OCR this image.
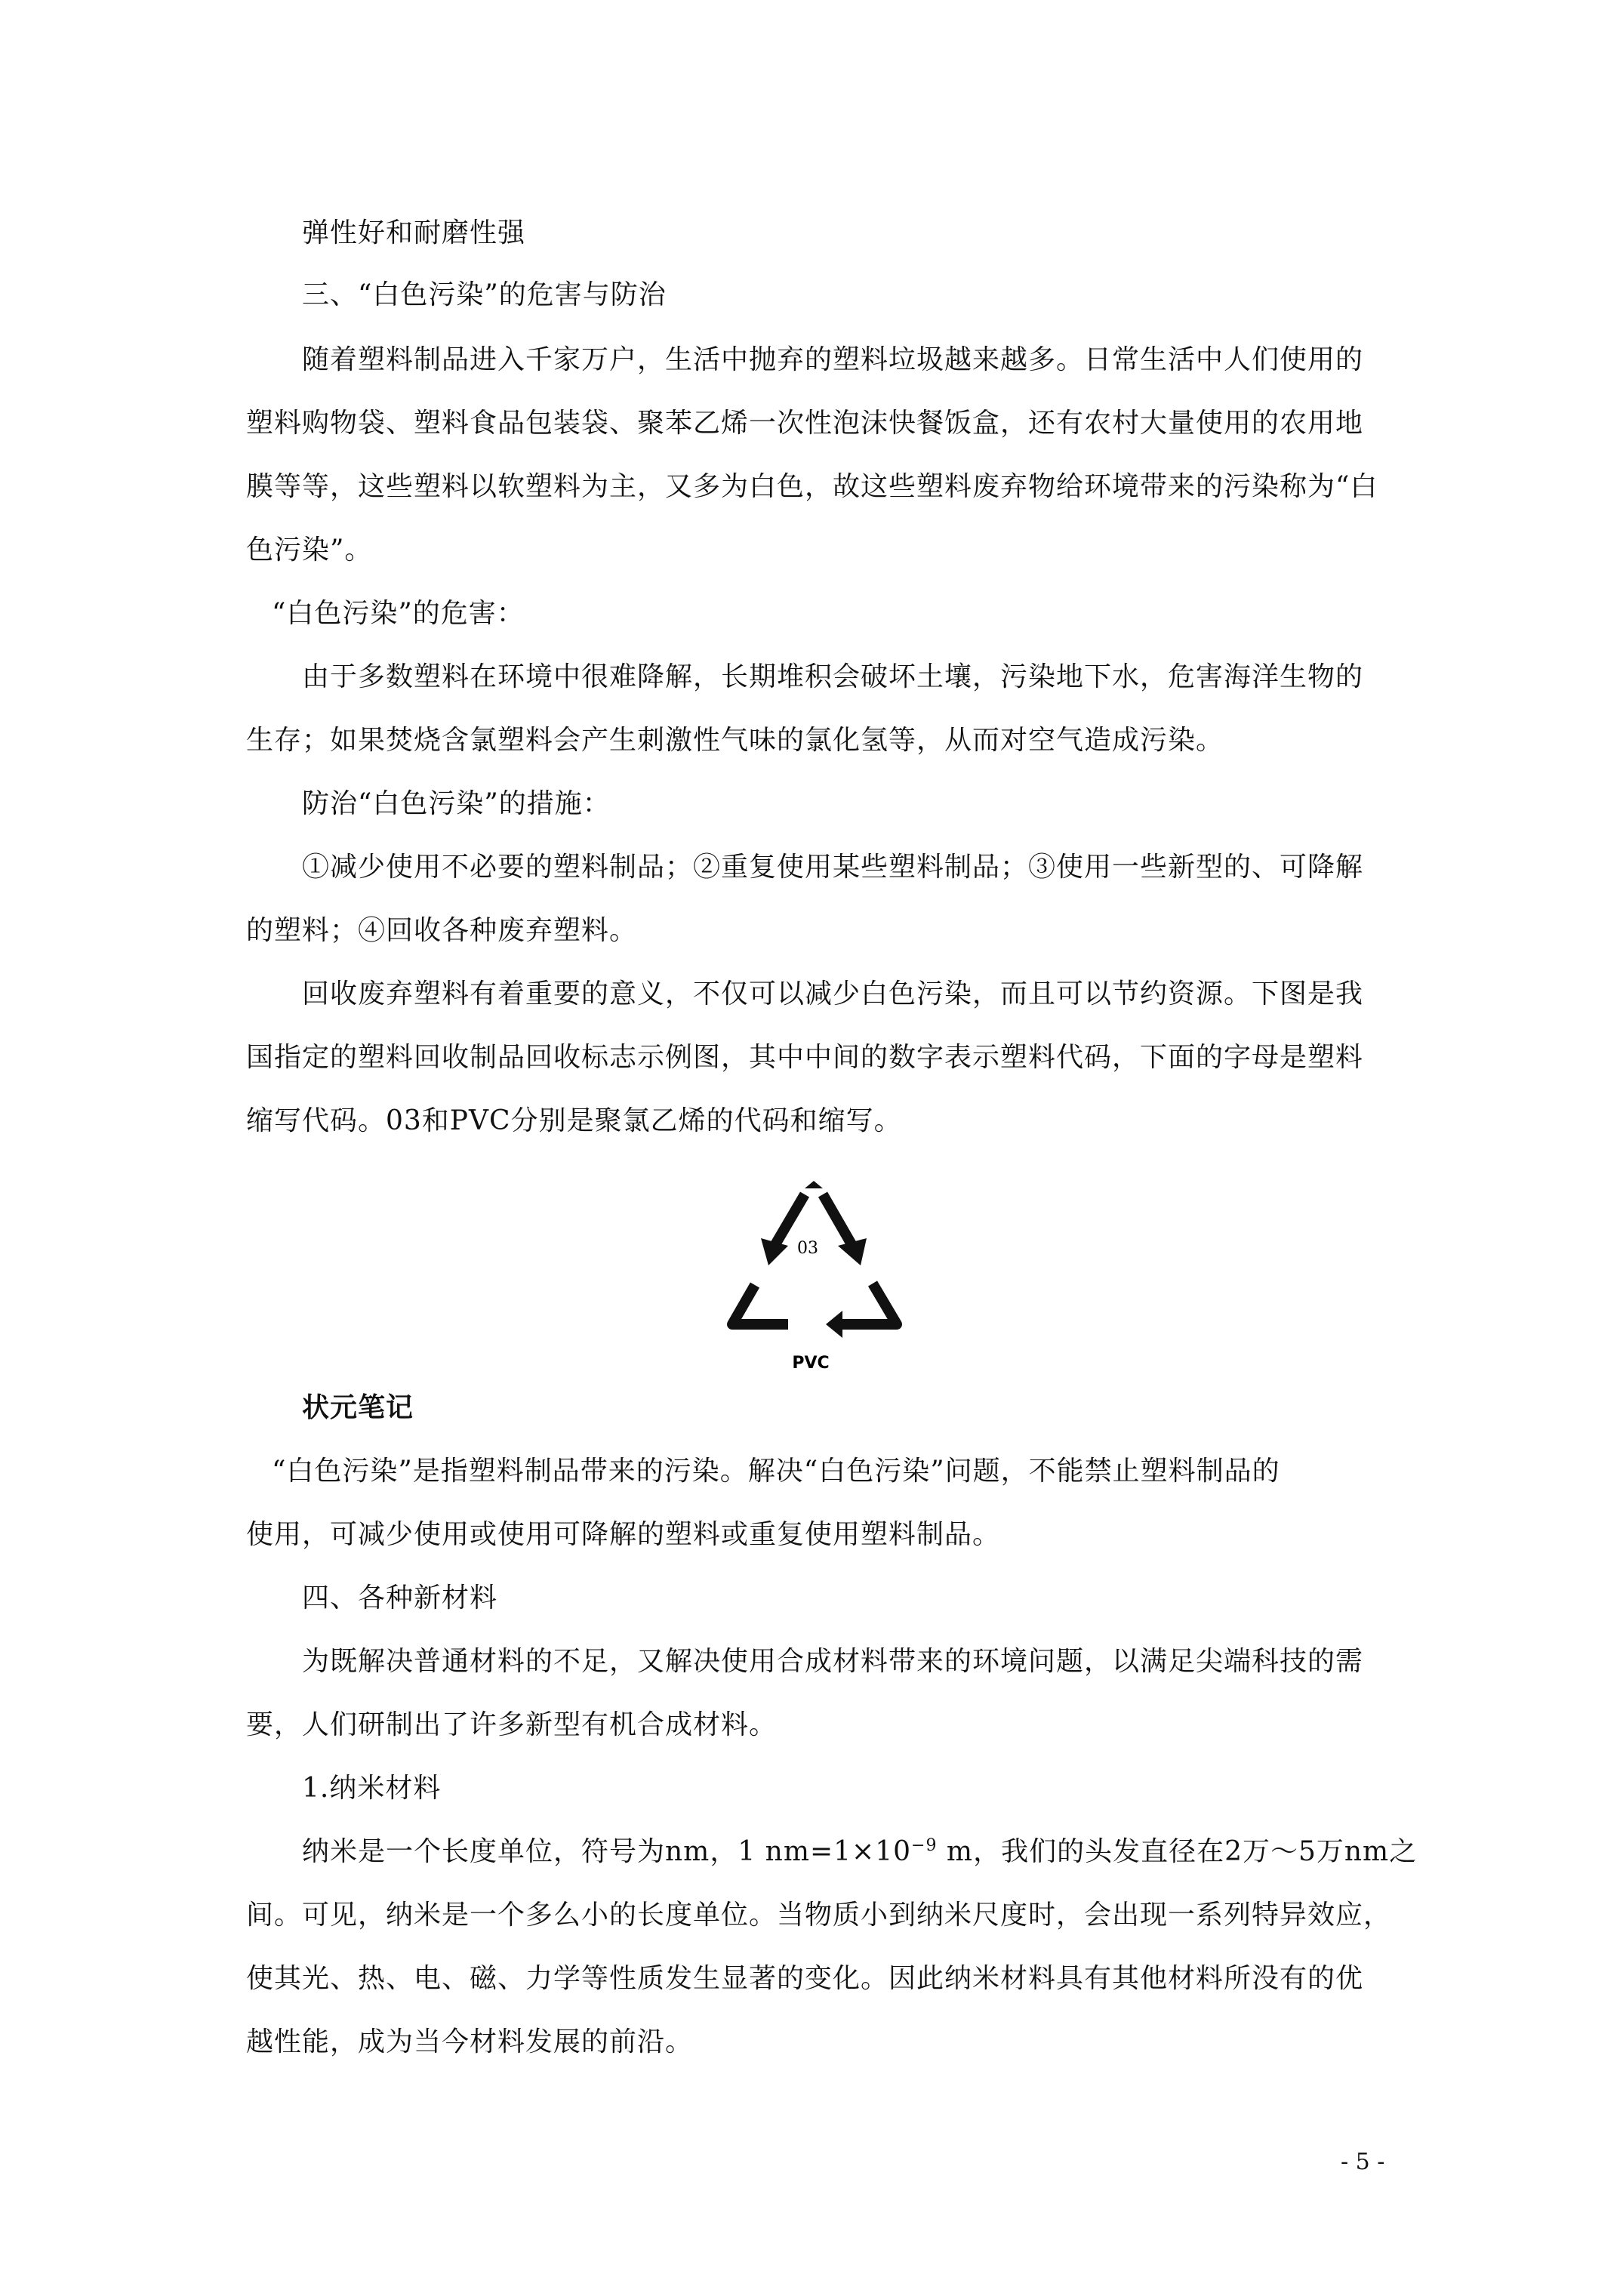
弹性好和耐磨性强
三、“白色污染”的危害与防治
随着塑料制品进入千家万户，生活中抛弃的塑料垃圾越来越多。日常生活中人们使用的
塑料购物袋、塑料食品包装袋、聚苯乙烯一次性泡沫快餐饭盒，还有农村大量使用的农用地
膜等等，这些塑料以软塑料为主，又多为白色，故这些塑料废弃物给环境带来的污染称为“白
色污染”。
“白色污染”的危害：
由于多数塑料在环境中很难降解，长期堆积会破坏土壤，污染地下水，危害海洋生物的
生存；如果焚烧含氯塑料会产生刺激性气味的氯化氢等，从而对空气造成污染。
防治“白色污染”的措施：
①减少使用不必要的塑料制品；②重复使用某些塑料制品；③使用一些新型的、可降解
的塑料；④回收各种废弃塑料。
回收废弃塑料有着重要的意义，不仅可以减少白色污染，而且可以节约资源。下图是我
国指定的塑料回收制品回收标志示例图，其中中间的数字表示塑料代码，下面的字母是塑料
缩写代码。03和PVC分别是聚氯乙烯的代码和缩写。
03
PVC
状元笔记
“白色污染”是指塑料制品带来的污染。解决“白色污染”问题，不能禁止塑料制品的
使用，可减少使用或使用可降解的塑料或重复使用塑料制品。
四、各种新材料
为既解决普通材料的不足，又解决使用合成材料带来的环境问题，以满足尖端科技的需
要，人们研制出了许多新型有机合成材料。
1.纳米材料
纳米是一个长度单位，符号为nm，1 $nm=1\times 10^{-9}$ m，我们的头发直径在2万～5万nm之
间。可见，纳米是一个多么小的长度单位。当物质小到纳米尺度时，会出现一系列特异效应，
使其光、热、电、磁、力学等性质发生显著的变化。因此纳米材料具有其他材料所没有的优
越性能，成为当今材料发展的前沿。
- 5 -
